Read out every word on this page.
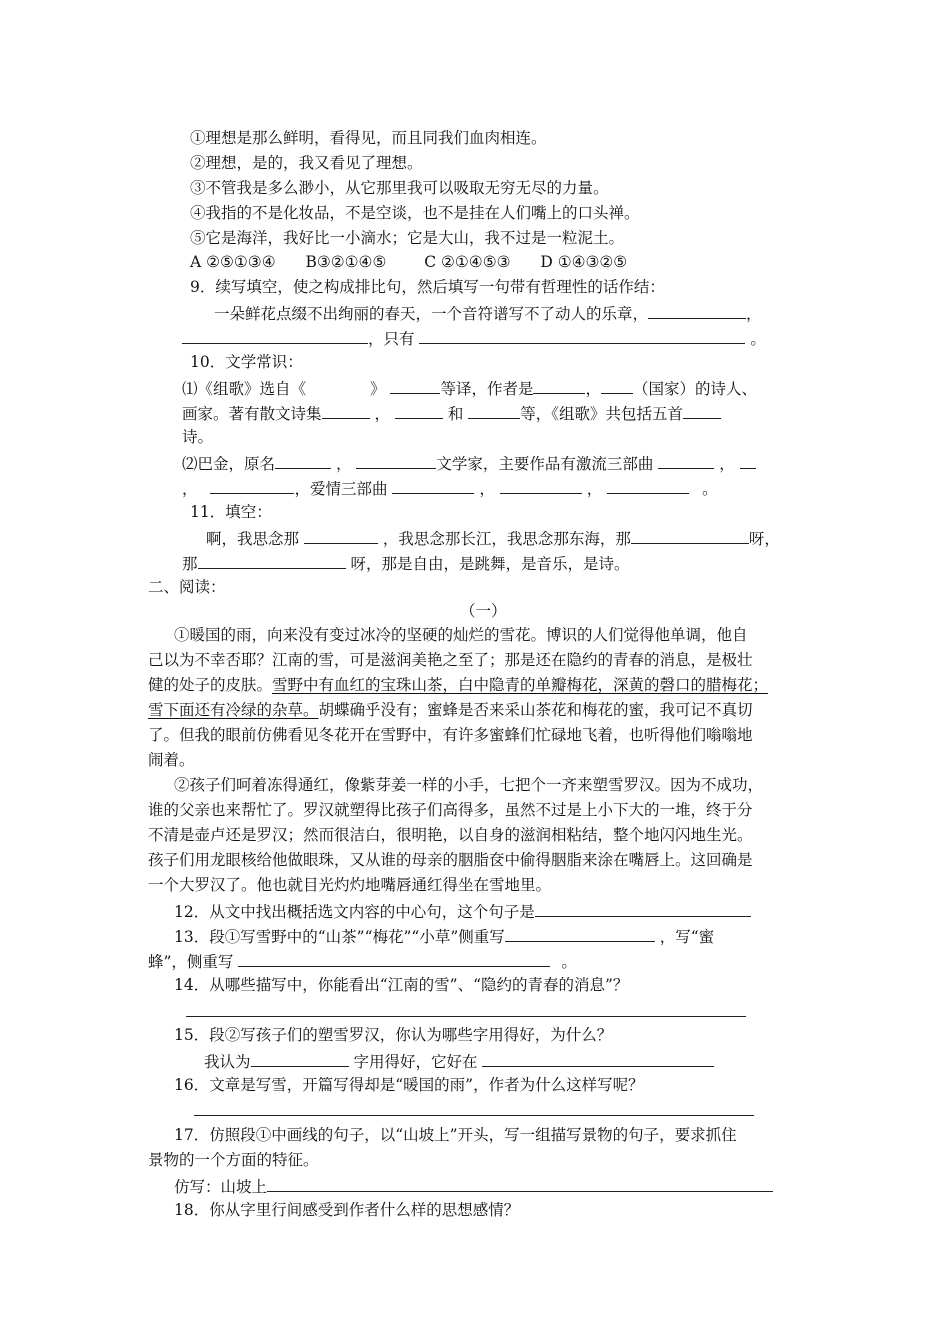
①理想是那么鲜明，看得见，而且同我们血肉相连。
②理想，是的，我又看见了理想。
③不管我是多么渺小，从它那里我可以吸取无穷无尽的力量。
④我指的不是化妆品，不是空谈，也不是挂在人们嘴上的口头禅。
⑤它是海洋，我好比一小滴水；它是大山，我不过是一粒泥土。
A ②⑤①③④ B③②①④⑤ C ②①④⑤③ D ①④③②⑤
9．续写填空，使之构成排比句，然后填写一句带有哲理性的话作结：
一朵鲜花点缀不出绚丽的春天，一个音符谱写不了动人的乐章，	，
，只有	。
10．文学常识：
⑴《组歌》选自《	》	等译，作者是	， （国家）的诗人、
画家。著有散文诗集	，	和	等，《组歌》共包括五首
诗。
⑵巴金，原名	，	文学家，主要作品有激流三部曲	，
，	，爱情三部曲	，	，	。
11．填空：
啊，我思念那	，我思念那长江，我思念那东海，那	呀，
那	呀，那是自由，是跳舞，是音乐，是诗。
二、阅读：
（一）
①暖国的雨，向来没有变过冰冷的坚硬的灿烂的雪花。博识的人们觉得他单调，他自
己以为不幸否耶？江南的雪，可是滋润美艳之至了；那是还在隐约的青春的消息，是极壮
健的处子的皮肤。雪野中有血红的宝珠山茶，白中隐青的单瓣梅花，深黄的磬口的腊梅花；
雪下面还有冷绿的杂草。胡蝶确乎没有；蜜蜂是否来采山茶花和梅花的蜜，我可记不真切
了。但我的眼前仿佛看见冬花开在雪野中，有许多蜜蜂们忙碌地飞着，也听得他们嗡嗡地
闹着。
②孩子们呵着冻得通红，像紫芽姜一样的小手，七把个一齐来塑雪罗汉。因为不成功，
谁的父亲也来帮忙了。罗汉就塑得比孩子们高得多，虽然不过是上小下大的一堆，终于分
不清是壶卢还是罗汉；然而很洁白，很明艳，以自身的滋润相粘结，整个地闪闪地生光。
孩子们用龙眼核给他做眼珠，又从谁的母亲的胭脂奁中偷得胭脂来涂在嘴唇上。这回确是
一个大罗汉了。他也就目光灼灼地嘴唇通红得坐在雪地里。
12．从文中找出概括选文内容的中心句，这个句子是
13．段①写雪野中的“山茶”“梅花”“小草”侧重写	，写“蜜
蜂”，侧重写	。
14．从哪些描写中，你能看出“江南的雪”、“隐约的青春的消息”？
15．段②写孩子们的塑雪罗汉，你认为哪些字用得好，为什么？
我认为	字用得好，它好在
16．文章是写雪，开篇写得却是“暖国的雨”，作者为什么这样写呢？
17．仿照段①中画线的句子，以“山坡上”开头，写一组描写景物的句子，要求抓住
景物的一个方面的特征。
仿写：山坡上
18．你从字里行间感受到作者什么样的思想感情？
